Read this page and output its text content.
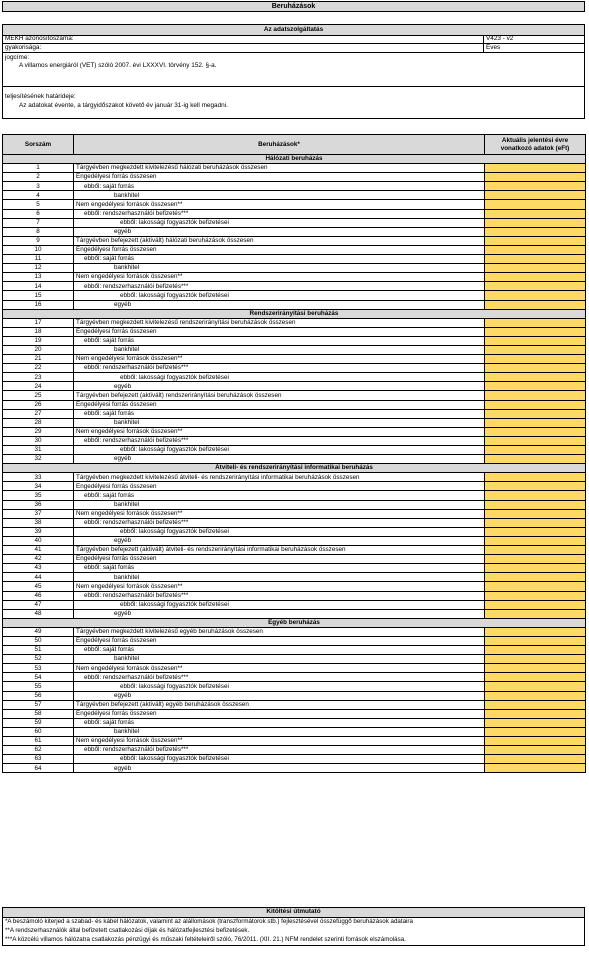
Beruházások
Az adatszolgáltatás
MEKH azonosítószáma:	V423 - v2
gyakorisága:	Éves
jogcíme:
A villamos energiáról (VET) szóló 2007. évi LXXXVI. törvény 152. §-a.
teljesítésének határideje:
Az adatokat évente, a tárgyidőszakot követő év január 31-ig kell megadni.
Sorszám	Beruházások*	Aktuális jelentési évre vonatkozó adatok (eFt)
Hálózati beruházás		
1	Tárgyévben megkezdett kivitelezésű hálózati beruházások összesen	
2	Engedélyesi forrás összesen	
3	ebből: saját forrás	
4	bankhitel	
5	Nem engedélyesi források összesen**	
6	ebből: rendszerhasználói befizetés***	
7	ebből: lakossági fogyasztók befizetései	
8	egyéb	
9	Tárgyévben befejezett (aktivált) hálózati beruházások összesen	
10	Engedélyesi forrás összesen	
11	ebből: saját forrás	
12	bankhitel	
13	Nem engedélyesi források összesen**	
14	ebből: rendszerhasználói befizetés***	
15	ebből: lakossági fogyasztók befizetései	
16	egyéb	
Rendszerirányítási beruházás		
17	Tárgyévben megkezdett kivitelezésű rendszerirányítási beruházások összesen	
18	Engedélyesi forrás összesen	
19	ebből: saját forrás	
20	bankhitel	
21	Nem engedélyesi források összesen**	
22	ebből: rendszerhasználói befizetés***	
23	ebből: lakossági fogyasztók befizetései	
24	egyéb	
25	Tárgyévben befejezett (aktivált) rendszerirányítási beruházások összesen	
26	Engedélyesi forrás összesen	
27	ebből: saját forrás	
28	bankhitel	
29	Nem engedélyesi források összesen**	
30	ebből: rendszerhasználói befizetés***	
31	ebből: lakossági fogyasztók befizetései	
32	egyéb	
Átviteli- és rendszerirányítási informatikai beruházás		
33	Tárgyévben megkezdett kivitelezésű átviteli- és rendszerirányítási informatikai beruházások összesen	
34	Engedélyesi forrás összesen	
35	ebből: saját forrás	
36	bankhitel	
37	Nem engedélyesi források összesen**	
38	ebből: rendszerhasználói befizetés***	
39	ebből: lakossági fogyasztók befizetései	
40	egyéb	
41	Tárgyévben befejezett (aktivált) átviteli- és rendszerirányítási informatikai beruházások összesen	
42	Engedélyesi forrás összesen	
43	ebből: saját forrás	
44	bankhitel	
45	Nem engedélyesi források összesen**	
46	ebből: rendszerhasználói befizetés***	
47	ebből: lakossági fogyasztók befizetései	
48	egyéb	
Egyéb beruházás		
49	Tárgyévben megkezdett kivitelezésű egyéb beruházások összesen	
50	Engedélyesi forrás összesen	
51	ebből: saját forrás	
52	bankhitel	
53	Nem engedélyesi források összesen**	
54	ebből: rendszerhasználói befizetés***	
55	ebből: lakossági fogyasztók befizetései	
56	egyéb	
57	Tárgyévben befejezett (aktivált) egyéb beruházások összesen	
58	Engedélyesi forrás összesen	
59	ebből: saját forrás	
60	bankhitel	
61	Nem engedélyesi források összesen**	
62	ebből: rendszerhasználói befizetés***	
63	ebből: lakossági fogyasztók befizetései	
64	egyéb	
Kitöltési útmutató
*A beszámoló kiterjed a szabad- és kábel hálózatok, valamint az alállomások (transzformátorok stb.) fejlesztésével összefüggő beruházások adataira
**A rendszerhasználók által befizetett csatlakozási díjak és hálózatfejlesztési befizetések.
***A közcélú villamos hálózatra csatlakozás pénzügyi és műszaki feltételeiről szóló, 76/2011. (XII. 21.) NFM rendelet szerinti források elszámolása.
